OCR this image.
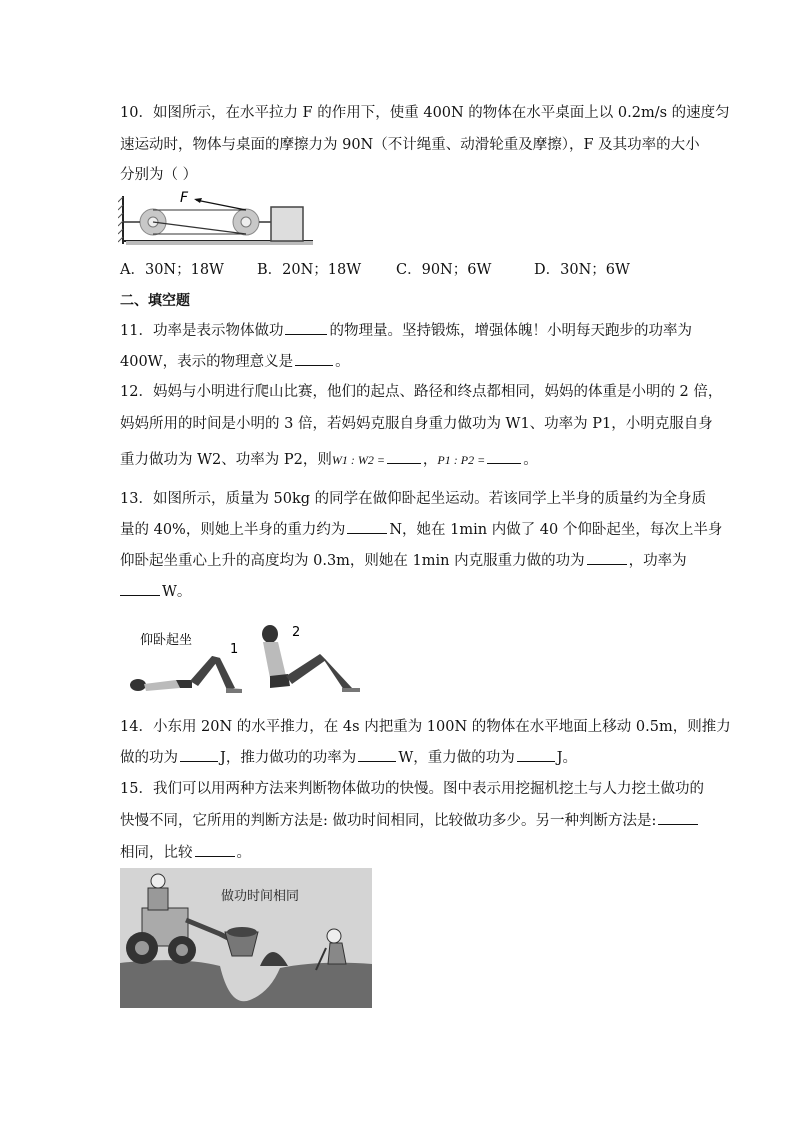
10．如图所示，在水平拉力 F 的作用下，使重 400N 的物体在水平桌面上以 0.2m/s 的速度匀
速运动时，物体与桌面的摩擦力为 90N（不计绳重、动滑轮重及摩擦），F 及其功率的大小
分别为（ ）
F
A．30N；18W B．20N；18W C．90N；6W	D．30N；6W
二、填空题
11．功率是表示物体做功	的物理量。坚持锻炼，增强体魄！小明每天跑步的功率为
400W，表示的物理意义是	。
12．妈妈与小明进行爬山比赛，他们的起点、路径和终点都相同，妈妈的体重是小明的 2 倍，
妈妈所用的时间是小明的 3 倍，若妈妈克服自身重力做功为 W1、功率为 P1，小明克服自身
重力做功为 W2、功率为 P2，则W1 : W2 =	，P1 : P2 =	。
13．如图所示，质量为 50kg 的同学在做仰卧起坐运动。若该同学上半身的质量约为全身质
量的 40%，则她上半身的重力约为	N，她在 1min 内做了 40 个仰卧起坐，每次上半身
仰卧起坐重心上升的高度均为 0.3m，则她在 1min 内克服重力做的功为	，功率为
W。
仰卧起坐
1
2
14．小东用 20N 的水平推力，在 4s 内把重为 100N 的物体在水平地面上移动 0.5m，则推力
做的功为	J，推力做功的功率为	W，重力做的功为	J。
15．我们可以用两种方法来判断物体做功的快慢。图中表示用挖掘机挖土与人力挖土做功的
快慢不同，它所用的判断方法是: 做功时间相同，比较做功多少。另一种判断方法是:
相同，比较	。
做功时间相同
